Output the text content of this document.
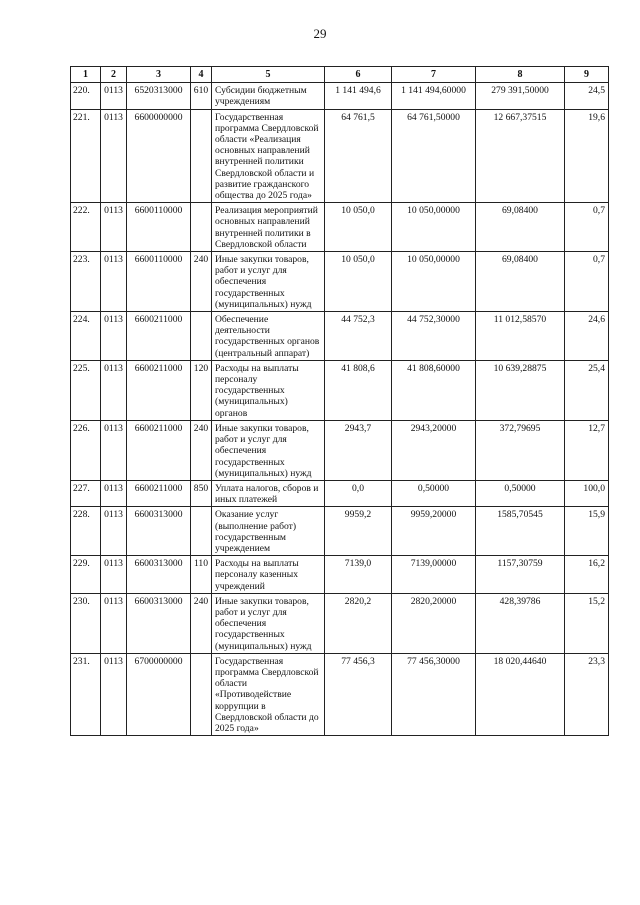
29
1	2	3	4	5	6	7	8	9
220.	0113	6520313000	610	Субсидии бюджетным учреждениям	1 141 494,6	1 141 494,60000	279 391,50000	24,5
221.	0113	6600000000		Государственная программа Свердловской области «Реализация основных направлений внутренней политики Свердловской области и развитие гражданского общества до 2025 года»	64 761,5	64 761,50000	12 667,37515	19,6
222.	0113	6600110000		Реализация мероприятий основных направлений внутренней политики в Свердловской области	10 050,0	10 050,00000	69,08400	0,7
223.	0113	6600110000	240	Иные закупки товаров, работ и услуг для обеспечения государственных (муниципальных) нужд	10 050,0	10 050,00000	69,08400	0,7
224.	0113	6600211000		Обеспечение деятельности государственных органов (центральный аппарат)	44 752,3	44 752,30000	11 012,58570	24,6
225.	0113	6600211000	120	Расходы на выплаты персоналу государственных (муниципальных) органов	41 808,6	41 808,60000	10 639,28875	25,4
226.	0113	6600211000	240	Иные закупки товаров, работ и услуг для обеспечения государственных (муниципальных) нужд	2943,7	2943,20000	372,79695	12,7
227.	0113	6600211000	850	Уплата налогов, сборов и иных платежей	0,0	0,50000	0,50000	100,0
228.	0113	6600313000		Оказание услуг (выполнение работ) государственным учреждением	9959,2	9959,20000	1585,70545	15,9
229.	0113	6600313000	110	Расходы на выплаты персоналу казенных учреждений	7139,0	7139,00000	1157,30759	16,2
230.	0113	6600313000	240	Иные закупки товаров, работ и услуг для обеспечения государственных (муниципальных) нужд	2820,2	2820,20000	428,39786	15,2
231.	0113	6700000000		Государственная программа Свердловской области «Противодействие коррупции в Свердловской области до 2025 года»	77 456,3	77 456,30000	18 020,44640	23,3
